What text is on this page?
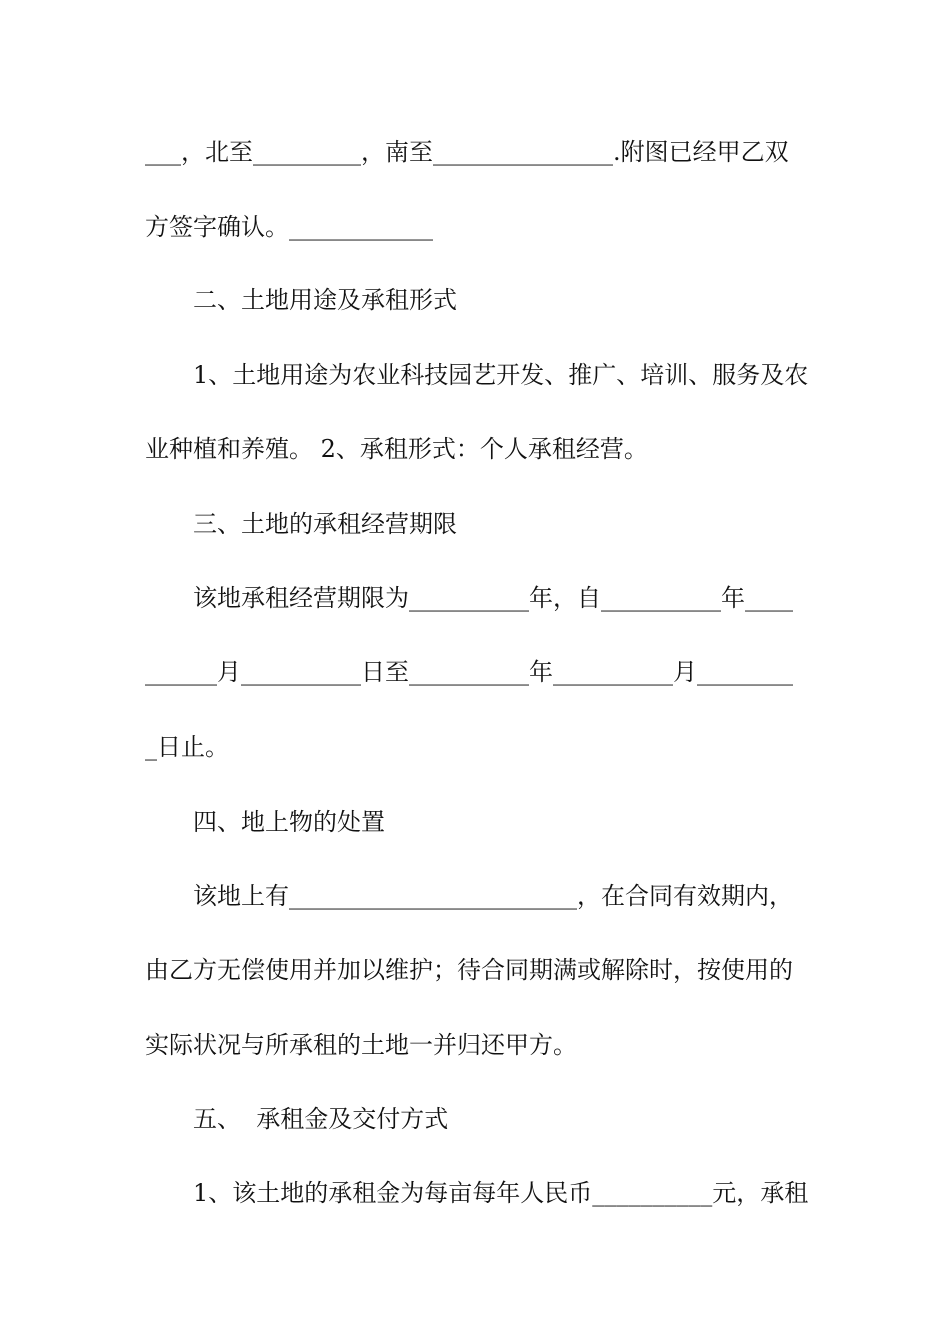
___，北至_________，南至_______________.附图已经甲乙双

方签字确认。____________

二、土地用途及承租形式

1、土地用途为农业科技园艺开发、推广、培训、服务及农

业种植和养殖。 2、承租形式：个人承租经营。

三、土地的承租经营期限

该地承租经营期限为__________年，自__________年____

______月__________日至__________年__________月________

_日止。

四、地上物的处置

该地上有________________________，在合同有效期内，

由乙方无偿使用并加以维护；待合同期满或解除时，按使用的

实际状况与所承租的土地一并归还甲方。

五、  承租金及交付方式

1、该土地的承租金为每亩每年人民币__________元，承租
